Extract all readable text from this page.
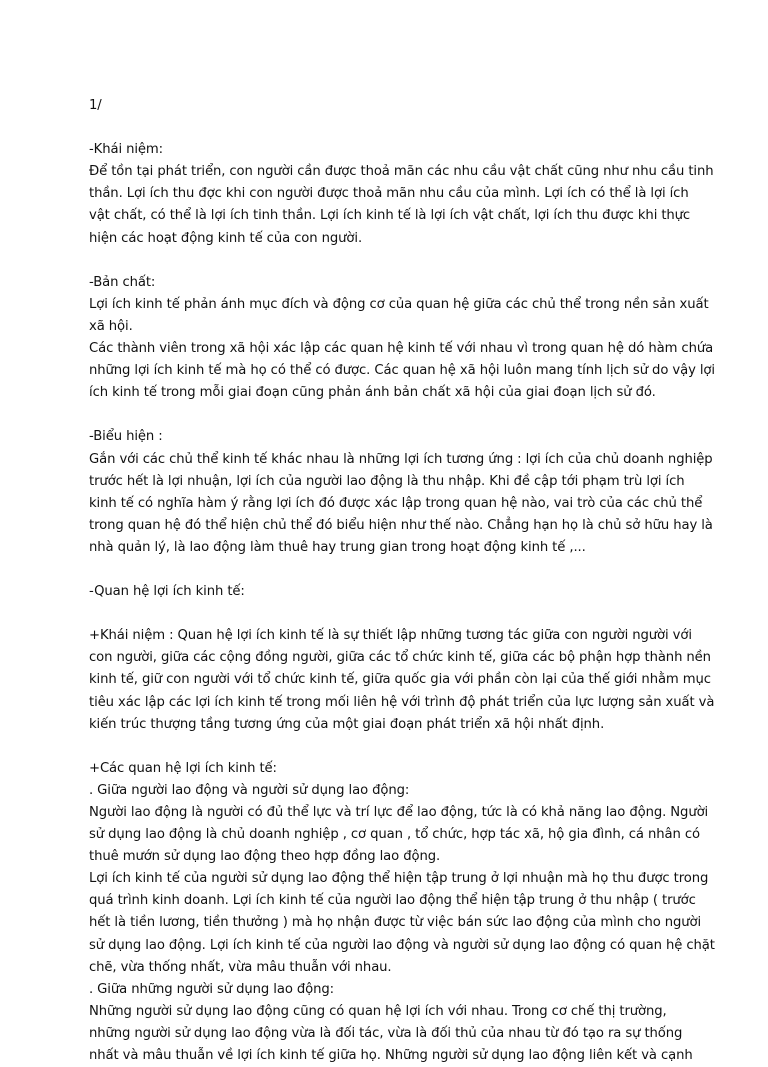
1/
-Khái niệm:
Để tồn tại phát triển, con người cần được thoả mãn các nhu cầu vật chất cũng như nhu cầu tinh
thần. Lợi ích thu đợc khi con người được thoả mãn nhu cầu của mình. Lợi ích có thể là lợi ích
vật chất, có thể là lợi ích tinh thần. Lợi ích kinh tế là lợi ích vật chất, lợi ích thu được khi thực
hiện các hoạt động kinh tế của con người.
-Bản chất:
Lợi ích kinh tế phản ánh mục đích và động cơ của quan hệ giữa các chủ thể trong nền sản xuất
xã hội.
Các thành viên trong xã hội xác lập các quan hệ kinh tế với nhau vì trong quan hệ dó hàm chứa
những lợi ích kinh tế mà họ có thể có được. Các quan hệ xã hội luôn mang tính lịch sử do vậy lợi
ích kinh tế trong mỗi giai đoạn cũng phản ánh bản chất xã hội của giai đoạn lịch sử đó.
-Biểu hiện :
Gắn với các chủ thể kinh tế khác nhau là những lợi ích tương ứng : lợi ích của chủ doanh nghiệp
trước hết là lợi nhuận, lợi ích của người lao động là thu nhập. Khi đề cập tới phạm trù lợi ích
kinh tế có nghĩa hàm ý rằng lợi ích đó được xác lập trong quan hệ nào, vai trò của các chủ thể
trong quan hệ đó thể hiện chủ thể đó biểu hiện như thế nào. Chẳng hạn họ là chủ sở hữu hay là
nhà quản lý, là lao động làm thuê hay trung gian trong hoạt động kinh tế ,...
-Quan hệ lợi ích kinh tế:
+Khái niệm : Quan hệ lợi ích kinh tế là sự thiết lập những tương tác giữa con người người với
con người, giữa các cộng đồng người, giữa các tổ chức kinh tế, giữa các bộ phận hợp thành nền
kinh tế, giữ con người với tổ chức kinh tế, giữa quốc gia với phần còn lại của thế giới nhằm mục
tiêu xác lập các lợi ích kinh tế trong mối liên hệ với trình độ phát triển của lực lượng sản xuất và
kiến trúc thượng tầng tương ứng của một giai đoạn phát triển xã hội nhất định.
+Các quan hệ lợi ích kinh tế:
. Giữa người lao động và người sử dụng lao động:
Người lao động là người có đủ thể lực và trí lực để lao động, tức là có khả năng lao động. Người
sử dụng lao động là chủ doanh nghiệp , cơ quan , tổ chức, hợp tác xã, hộ gia đình, cá nhân có
thuê mướn sử dụng lao động theo hợp đồng lao động.
Lợi ích kinh tế của người sử dụng lao động thể hiện tập trung ở lợi nhuận mà họ thu được trong
quá trình kinh doanh. Lợi ích kinh tế của người lao động thể hiện tập trung ở thu nhập ( trước
hết là tiền lương, tiền thưởng ) mà họ nhận được từ việc bán sức lao động của mình cho người
sử dụng lao động. Lợi ích kinh tế của người lao động và người sử dụng lao động có quan hệ chặt
chẽ, vừa thống nhất, vừa mâu thuẫn với nhau.
. Giữa những người sử dụng lao động:
Những người sử dụng lao động cũng có quan hệ lợi ích với nhau. Trong cơ chế thị trường,
những người sử dụng lao động vừa là đối tác, vừa là đối thủ của nhau từ đó tạo ra sự thống
nhất và mâu thuẫn về lợi ích kinh tế giữa họ. Những người sử dụng lao động liên kết và cạnh
